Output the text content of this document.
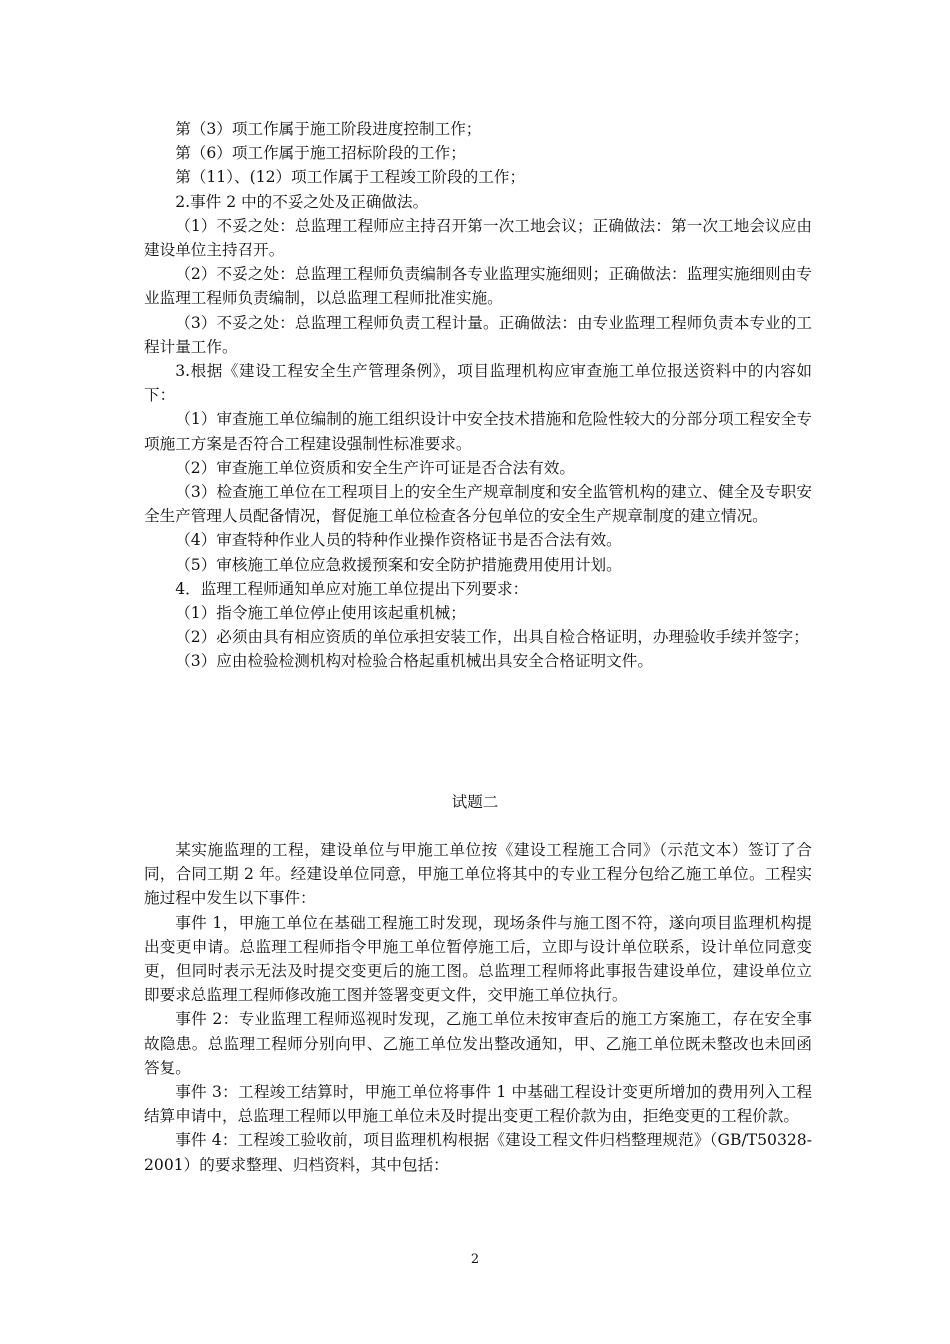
第（3）项工作属于施工阶段进度控制工作；

第（6）项工作属于施工招标阶段的工作；

第（11）、(12）项工作属于工程竣工阶段的工作；

2.事件 2 中的不妥之处及正确做法。

（1）不妥之处：总监理工程师应主持召开第一次工地会议；正确做法：第一次工地会议应由建设单位主持召开。

（2）不妥之处：总监理工程师负责编制各专业监理实施细则；正确做法：监理实施细则由专业监理工程师负责编制，以总监理工程师批准实施。

（3）不妥之处：总监理工程师负责工程计量。正确做法：由专业监理工程师负责本专业的工程计量工作。

3.根据《建设工程安全生产管理条例》，项目监理机构应审查施工单位报送资料中的内容如下：

（1）审查施工单位编制的施工组织设计中安全技术措施和危险性较大的分部分项工程安全专项施工方案是否符合工程建设强制性标准要求。

（2）审查施工单位资质和安全生产许可证是否合法有效。

（3）检查施工单位在工程项目上的安全生产规章制度和安全监管机构的建立、健全及专职安全生产管理人员配备情况，督促施工单位检查各分包单位的安全生产规章制度的建立情况。

（4）审查特种作业人员的特种作业操作资格证书是否合法有效。

（5）审核施工单位应急救援预案和安全防护措施费用使用计划。

4．监理工程师通知单应对施工单位提出下列要求：

（1）指令施工单位停止使用该起重机械；

（2）必须由具有相应资质的单位承担安装工作，出具自检合格证明，办理验收手续并签字；

（3）应由检验检测机构对检验合格起重机械出具安全合格证明文件。

试题二

某实施监理的工程，建设单位与甲施工单位按《建设工程施工合同》（示范文本）签订了合同，合同工期 2 年。经建设单位同意，甲施工单位将其中的专业工程分包给乙施工单位。工程实施过程中发生以下事件：

事件 1，甲施工单位在基础工程施工时发现，现场条件与施工图不符，遂向项目监理机构提出变更申请。总监理工程师指令甲施工单位暂停施工后，立即与设计单位联系，设计单位同意变更，但同时表示无法及时提交变更后的施工图。总监理工程师将此事报告建设单位，建设单位立即要求总监理工程师修改施工图并签署变更文件，交甲施工单位执行。

事件 2：专业监理工程师巡视时发现，乙施工单位未按审查后的施工方案施工，存在安全事故隐患。总监理工程师分别向甲、乙施工单位发出整改通知，甲、乙施工单位既未整改也未回函答复。

事件 3：工程竣工结算时，甲施工单位将事件 1 中基础工程设计变更所增加的费用列入工程结算申请中，总监理工程师以甲施工单位未及时提出变更工程价款为由，拒绝变更的工程价款。

事件 4：工程竣工验收前，项目监理机构根据《建设工程文件归档整理规范》（GB/T50328-2001）的要求整理、归档资料，其中包括：

2
